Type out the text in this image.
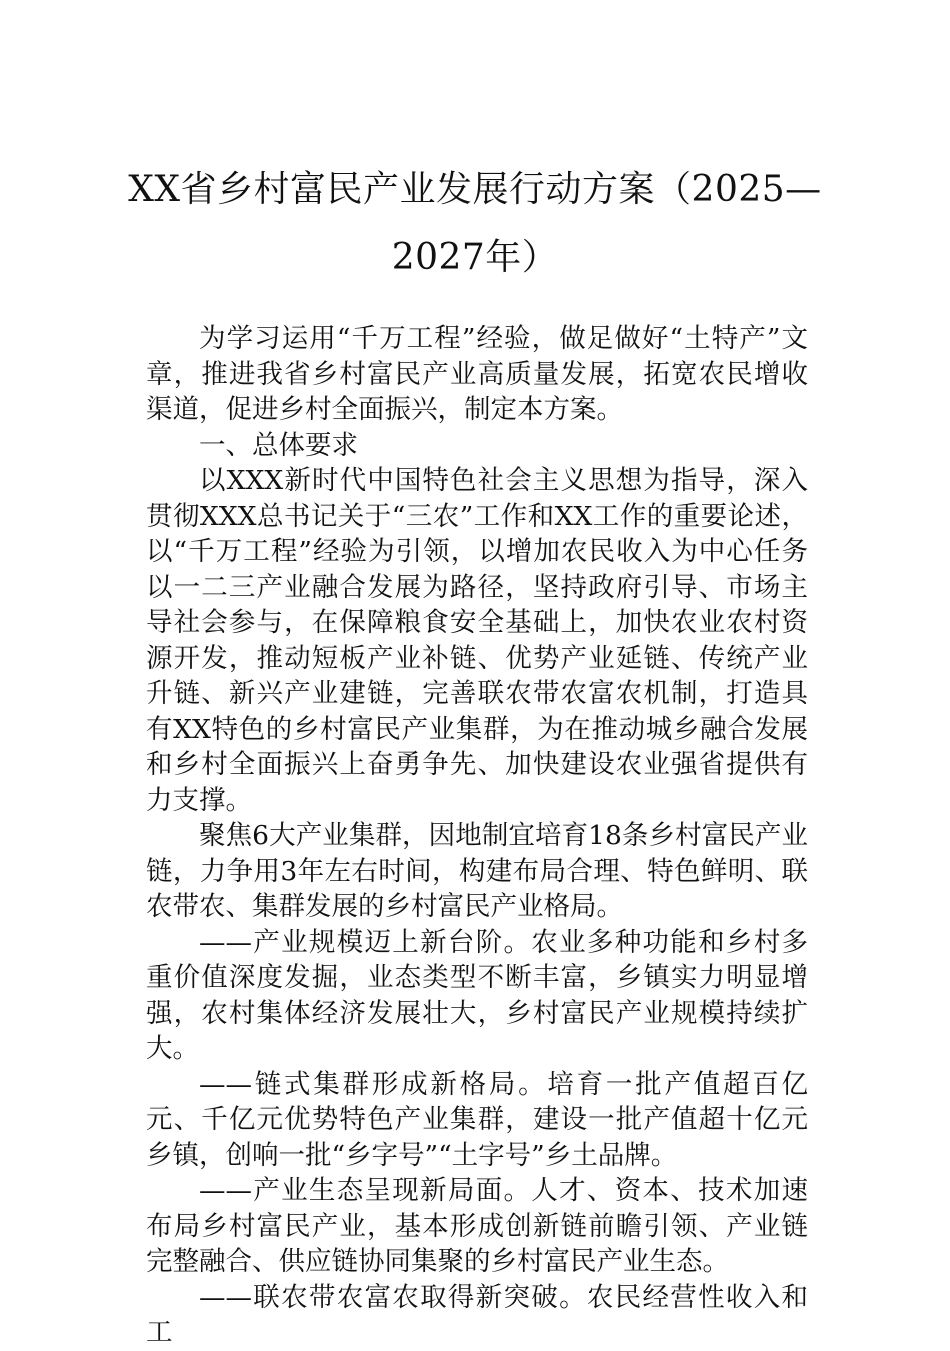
XX省乡村富民产业发展行动方案（2025—
2027年）

为学习运用“千万工程”经验，做足做好“土特产”文章，推进我省乡村富民产业高质量发展，拓宽农民增收渠道，促进乡村全面振兴，制定本方案。

一、总体要求

以XXX新时代中国特色社会主义思想为指导，深入贯彻XXX总书记关于“三农”工作和XX工作的重要论述，以“千万工程”经验为引领，以增加农民收入为中心任务以一二三产业融合发展为路径，坚持政府引导、市场主导社会参与，在保障粮食安全基础上，加快农业农村资源开发，推动短板产业补链、优势产业延链、传统产业升链、新兴产业建链，完善联农带农富农机制，打造具有XX特色的乡村富民产业集群，为在推动城乡融合发展和乡村全面振兴上奋勇争先、加快建设农业强省提供有力支撑。

聚焦6大产业集群，因地制宜培育18条乡村富民产业链，力争用3年左右时间，构建布局合理、特色鲜明、联农带农、集群发展的乡村富民产业格局。

——产业规模迈上新台阶。农业多种功能和乡村多重价值深度发掘，业态类型不断丰富，乡镇实力明显增强，农村集体经济发展壮大，乡村富民产业规模持续扩大。

——链式集群形成新格局。培育一批产值超百亿元、千亿元优势特色产业集群，建设一批产值超十亿元乡镇，创响一批“乡字号”“土字号”乡土品牌。

——产业生态呈现新局面。人才、资本、技术加速布局乡村富民产业，基本形成创新链前瞻引领、产业链完整融合、供应链协同集聚的乡村富民产业生态。

——联农带农富农取得新突破。农民经营性收入和工
